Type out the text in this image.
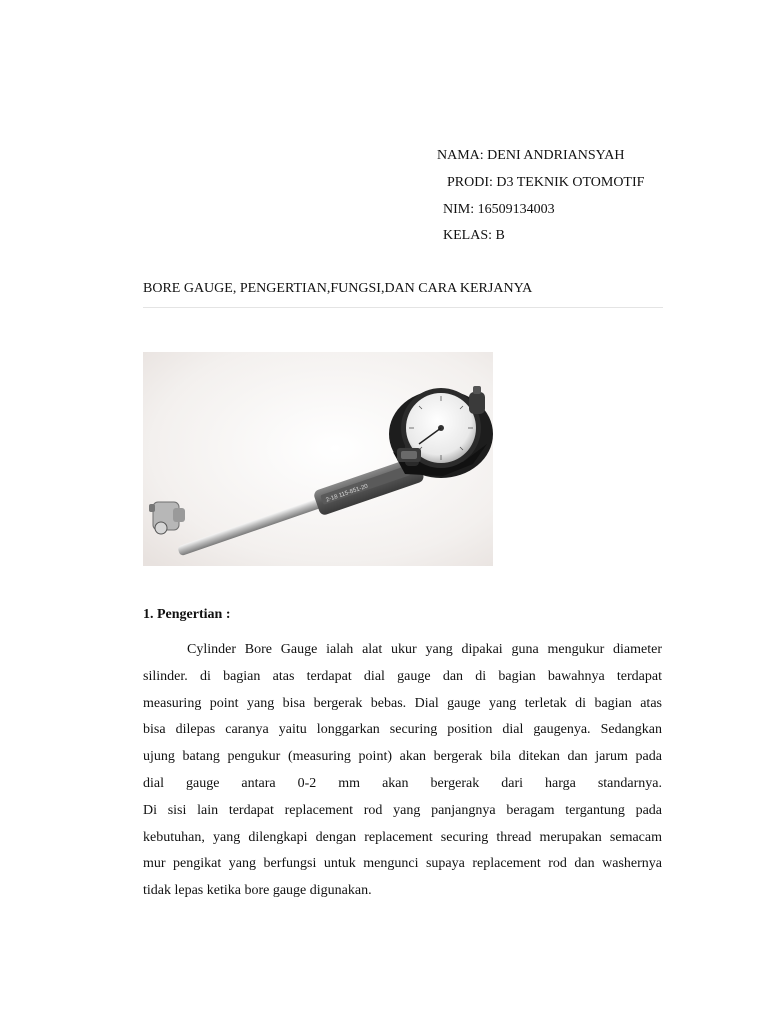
NAMA: DENI ANDRIANSYAH
PRODI: D3 TEKNIK OTOMOTIF
NIM: 16509134003
KELAS: B
BORE GAUGE, PENGERTIAN,FUNGSI,DAN CARA KERJANYA
2-18 115-851-20
1. Pengertian :
Cylinder Bore Gauge ialah alat ukur yang dipakai guna mengukur diameter
silinder. di bagian atas terdapat dial gauge dan di bagian bawahnya terdapat
measuring point yang bisa bergerak bebas. Dial gauge yang terletak di bagian atas
bisa dilepas caranya yaitu longgarkan securing position dial gaugenya. Sedangkan
ujung batang pengukur (measuring point) akan bergerak bila ditekan dan jarum pada
dial gauge antara 0-2 mm akan bergerak dari harga standarnya.
Di sisi lain terdapat replacement rod yang panjangnya beragam tergantung pada
kebutuhan, yang dilengkapi dengan replacement securing thread merupakan semacam
mur pengikat yang berfungsi untuk mengunci supaya replacement rod dan washernya
tidak lepas ketika bore gauge digunakan.
